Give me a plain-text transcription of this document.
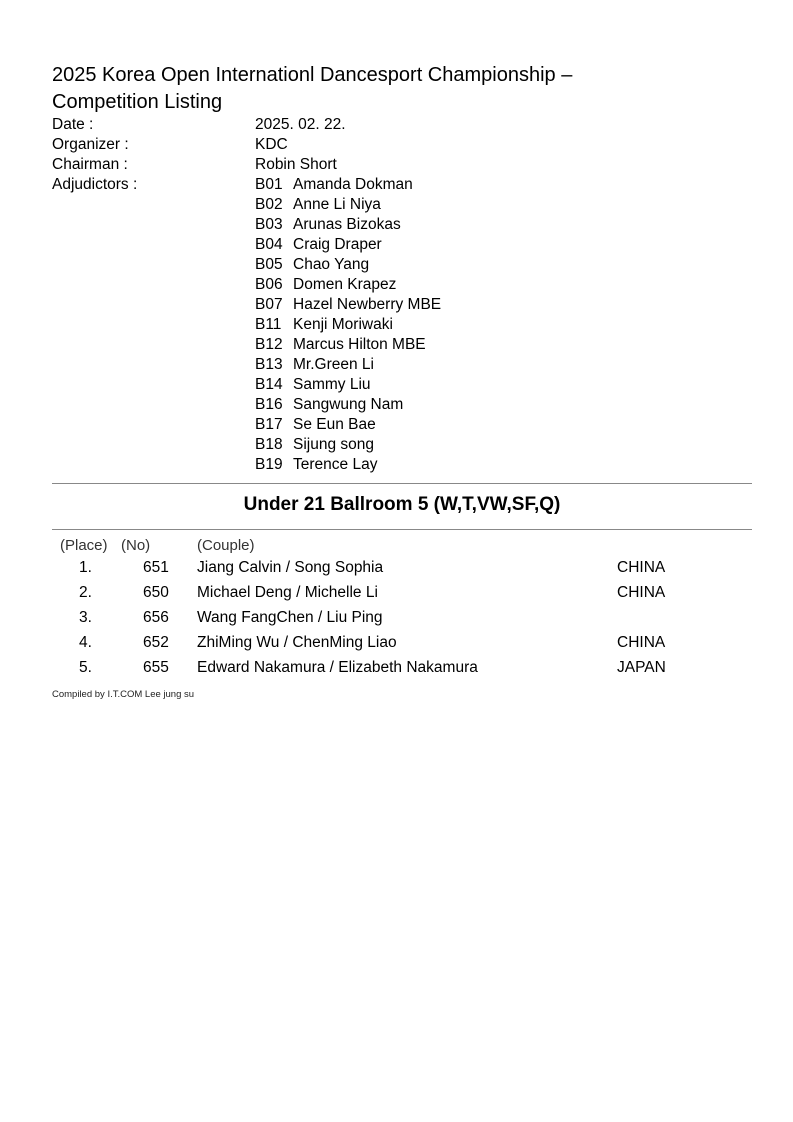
2025 Korea Open Internationl Dancesport Championship –
Competition Listing
Date :	2025. 02. 22.
Organizer :	KDC
Chairman :	Robin Short
Adjudictors :	B01 Amanda Dokman
B02 Anne Li Niya
B03 Arunas Bizokas
B04 Craig Draper
B05 Chao Yang
B06 Domen Krapez
B07 Hazel Newberry MBE
B11 Kenji Moriwaki
B12 Marcus Hilton MBE
B13 Mr.Green Li
B14 Sammy Liu
B16 Sangwung Nam
B17 Se Eun Bae
B18 Sijung song
B19 Terence Lay
Under 21 Ballroom 5 (W,T,VW,SF,Q)
(Place) (No)	(Couple)
1.	651 Jiang Calvin / Song Sophia	CHINA
2.	650 Michael Deng / Michelle Li	CHINA
3.	656 Wang FangChen / Liu Ping
4.	652 ZhiMing Wu / ChenMing Liao	CHINA
5.	655 Edward Nakamura / Elizabeth Nakamura	JAPAN
Compiled by I.T.COM Lee jung su
